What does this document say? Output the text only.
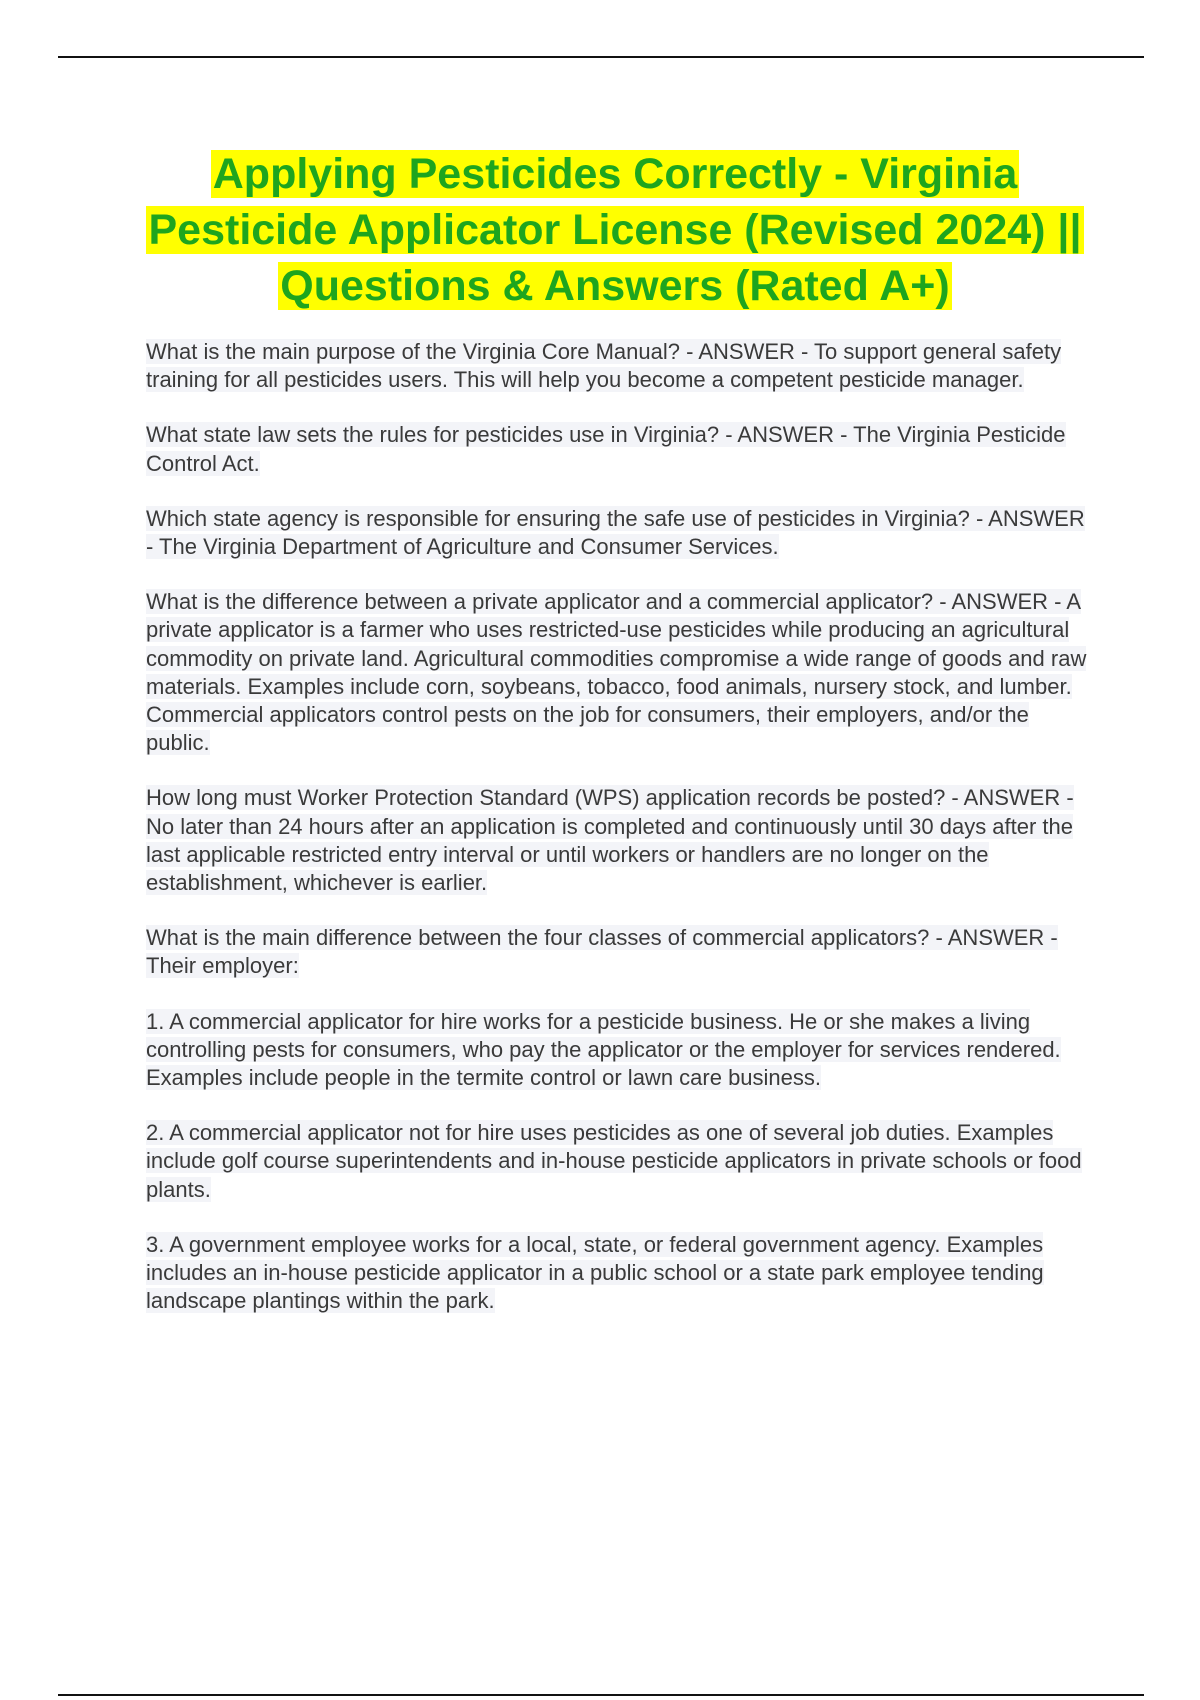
Applying Pesticides Correctly - Virginia Pesticide Applicator License (Revised 2024) || Questions & Answers (Rated A+)

What is the main purpose of the Virginia Core Manual? - ANSWER - To support general safety training for all pesticides users. This will help you become a competent pesticide manager.

What state law sets the rules for pesticides use in Virginia? - ANSWER - The Virginia Pesticide Control Act.

Which state agency is responsible for ensuring the safe use of pesticides in Virginia? - ANSWER - The Virginia Department of Agriculture and Consumer Services.

What is the difference between a private applicator and a commercial applicator? - ANSWER - A private applicator is a farmer who uses restricted-use pesticides while producing an agricultural commodity on private land. Agricultural commodities compromise a wide range of goods and raw materials. Examples include corn, soybeans, tobacco, food animals, nursery stock, and lumber. Commercial applicators control pests on the job for consumers, their employers, and/or the public.

How long must Worker Protection Standard (WPS) application records be posted? - ANSWER - No later than 24 hours after an application is completed and continuously until 30 days after the last applicable restricted entry interval or until workers or handlers are no longer on the establishment, whichever is earlier.

What is the main difference between the four classes of commercial applicators? - ANSWER - Their employer:

1. A commercial applicator for hire works for a pesticide business. He or she makes a living controlling pests for consumers, who pay the applicator or the employer for services rendered. Examples include people in the termite control or lawn care business.

2. A commercial applicator not for hire uses pesticides as one of several job duties. Examples include golf course superintendents and in-house pesticide applicators in private schools or food plants.

3. A government employee works for a local, state, or federal government agency. Examples includes an in-house pesticide applicator in a public school or a state park employee tending landscape plantings within the park.
